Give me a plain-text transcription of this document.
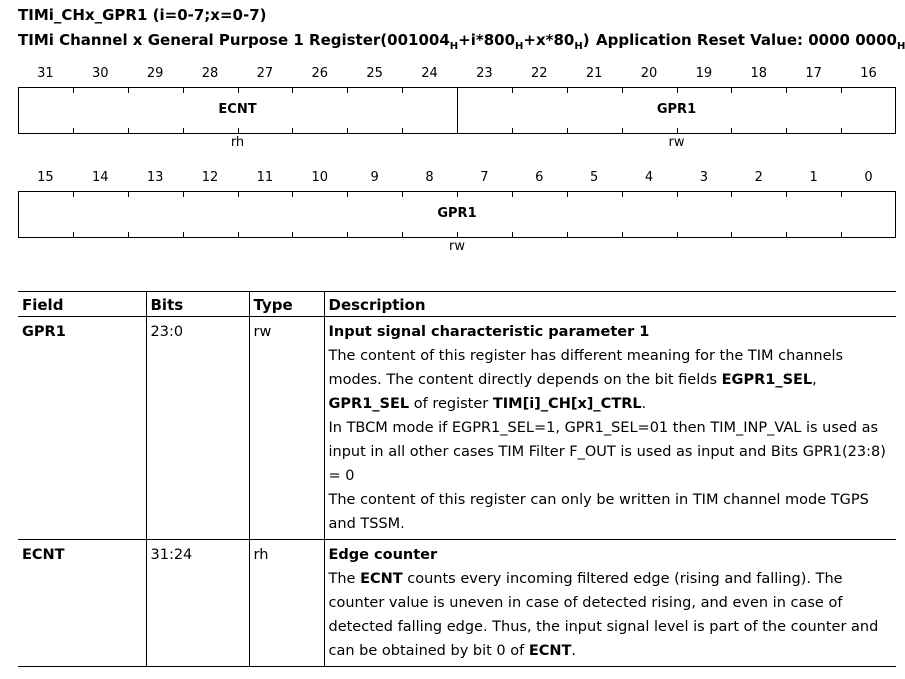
TIMi_CHx_GPR1 (i=0-7;x=0-7)
TIMi Channel x General Purpose 1 $Register(001004_H+i*800_H+x*80_H)$ Application Reset Value: 0000 $0000_H$
31	30	29	28	27	26	25	24	23	22	21	20	19	18	17	16
ECNT	GPR1
rh	rw
15	14	13	12	11	10	9	8	7	6	5	4	3	2	1	0
GPR1
rw
Field	Bits	Type	Description
GPR1	23:0	rw	Input signal characteristic parameter 1
The content of this register has different meaning for the TIM channels modes. The content directly depends on the bit fields EGPR1_SEL, GPR1_SEL of register TIM[i]_CH[x]_CTRL.
In TBCM mode if EGPR1_SEL=1, GPR1_SEL=01 then TIM_INP_VAL is used as input in all other cases TIM Filter F_OUT is used as input and Bits GPR1(23:8) = 0
The content of this register can only be written in TIM channel mode TGPS and TSSM.

ECNT	31:24	rh	Edge counter
The ECNT counts every incoming filtered edge (rising and falling). The counter value is uneven in case of detected rising, and even in case of detected falling edge. Thus, the input signal level is part of the counter and can be obtained by bit 0 of ECNT.
